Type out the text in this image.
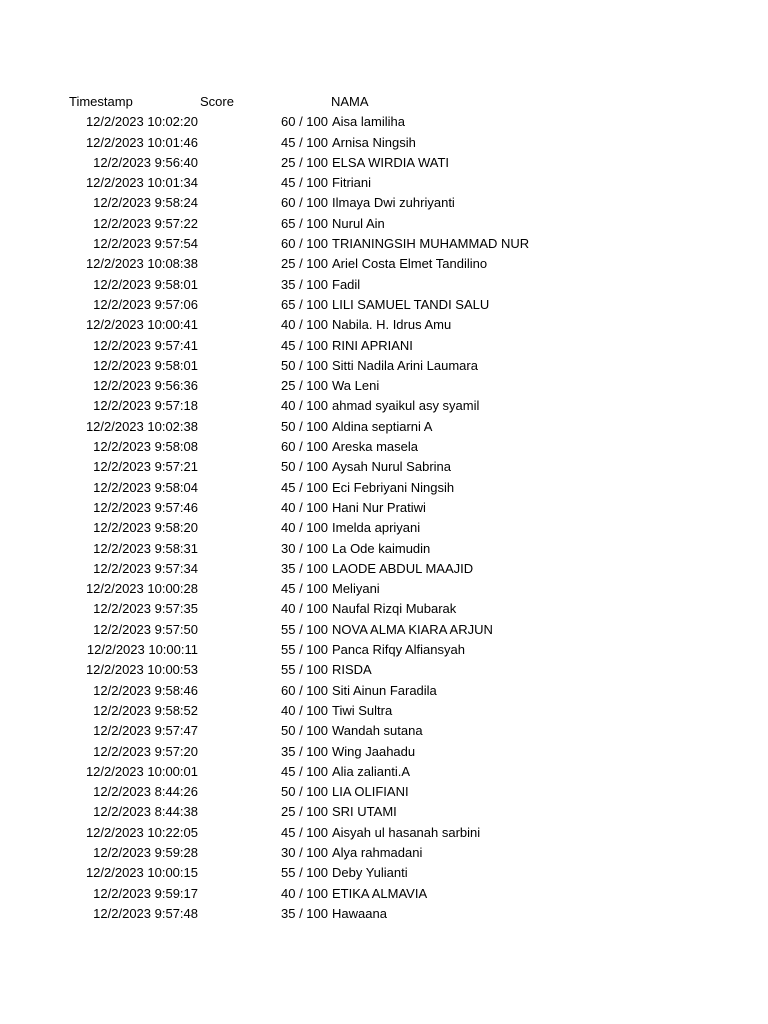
Timestamp	Score	NAMA
12/2/2023 10:02:20	60 / 100 Aisa lamiliha
12/2/2023 10:01:46	45 / 100 Arnisa Ningsih
12/2/2023 9:56:40	25 / 100 ELSA WIRDIA WATI
12/2/2023 10:01:34	45 / 100 Fitriani
12/2/2023 9:58:24	60 / 100 Ilmaya Dwi zuhriyanti
12/2/2023 9:57:22	65 / 100 Nurul Ain
12/2/2023 9:57:54	60 / 100 TRIANINGSIH MUHAMMAD NUR
12/2/2023 10:08:38	25 / 100 Ariel Costa Elmet Tandilino
12/2/2023 9:58:01	35 / 100 Fadil
12/2/2023 9:57:06	65 / 100 LILI SAMUEL TANDI SALU
12/2/2023 10:00:41	40 / 100 Nabila. H. Idrus Amu
12/2/2023 9:57:41	45 / 100 RINI APRIANI
12/2/2023 9:58:01	50 / 100 Sitti Nadila Arini Laumara
12/2/2023 9:56:36	25 / 100 Wa Leni
12/2/2023 9:57:18	40 / 100 ahmad syaikul asy syamil
12/2/2023 10:02:38	50 / 100 Aldina septiarni A
12/2/2023 9:58:08	60 / 100 Areska masela
12/2/2023 9:57:21	50 / 100 Aysah Nurul Sabrina
12/2/2023 9:58:04	45 / 100 Eci Febriyani Ningsih
12/2/2023 9:57:46	40 / 100 Hani Nur Pratiwi
12/2/2023 9:58:20	40 / 100 Imelda apriyani
12/2/2023 9:58:31	30 / 100 La Ode kaimudin
12/2/2023 9:57:34	35 / 100 LAODE ABDUL MAAJID
12/2/2023 10:00:28	45 / 100 Meliyani
12/2/2023 9:57:35	40 / 100 Naufal Rizqi Mubarak
12/2/2023 9:57:50	55 / 100 NOVA ALMA KIARA ARJUN
12/2/2023 10:00:11	55 / 100 Panca Rifqy Alfiansyah
12/2/2023 10:00:53	55 / 100 RISDA
12/2/2023 9:58:46	60 / 100 Siti Ainun Faradila
12/2/2023 9:58:52	40 / 100 Tiwi Sultra
12/2/2023 9:57:47	50 / 100 Wandah sutana
12/2/2023 9:57:20	35 / 100 Wing Jaahadu
12/2/2023 10:00:01	45 / 100 Alia zalianti.A
12/2/2023 8:44:26	50 / 100 LIA OLIFIANI
12/2/2023 8:44:38	25 / 100 SRI UTAMI
12/2/2023 10:22:05	45 / 100 Aisyah ul hasanah sarbini
12/2/2023 9:59:28	30 / 100 Alya rahmadani
12/2/2023 10:00:15	55 / 100 Deby Yulianti
12/2/2023 9:59:17	40 / 100 ETIKA ALMAVIA
12/2/2023 9:57:48	35 / 100 Hawaana
